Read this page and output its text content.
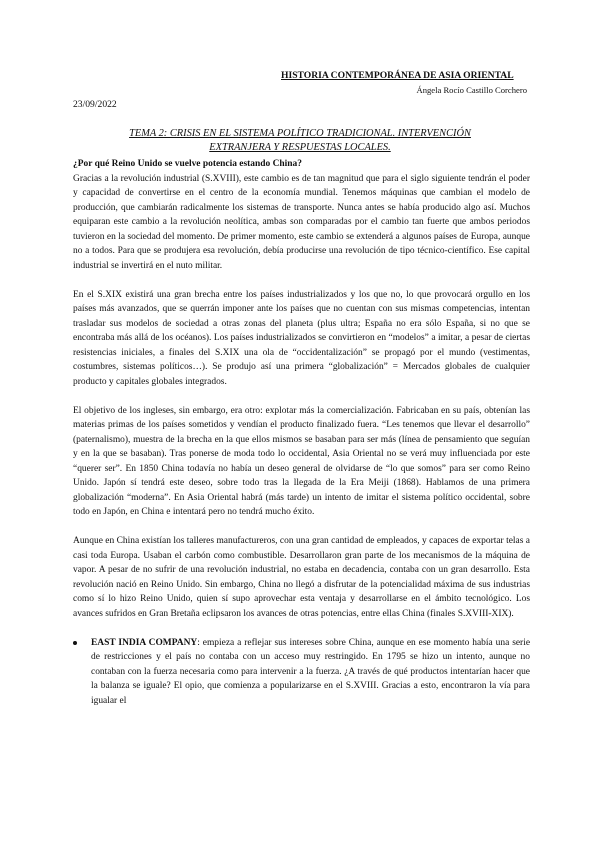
HISTORIA CONTEMPORÁNEA DE ASIA ORIENTAL
Ángela Rocío Castillo Corchero
23/09/2022
TEMA 2: CRISIS EN EL SISTEMA POLÍTICO TRADICIONAL. INTERVENCIÓN
EXTRANJERA Y RESPUESTAS LOCALES.
¿Por qué Reino Unido se vuelve potencia estando China?

Gracias a la revolución industrial (S.XVIII), este cambio es de tan magnitud que para el siglo siguiente tendrán el poder y capacidad de convertirse en el centro de la economía mundial. Tenemos máquinas que cambian el modelo de producción, que cambiarán radicalmente los sistemas de transporte. Nunca antes se había producido algo así. Muchos equiparan este cambio a la revolución neolítica, ambas son comparadas por el cambio tan fuerte que ambos periodos tuvieron en la sociedad del momento. De primer momento, este cambio se extenderá a algunos países de Europa, aunque no a todos. Para que se produjera esa revolución, debía producirse una revolución de tipo técnico-científico. Ese capital industrial se invertirá en el nuto militar.

En el S.XIX existirá una gran brecha entre los países industrializados y los que no, lo que provocará orgullo en los países más avanzados, que se querrán imponer ante los países que no cuentan con sus mismas competencias, intentan trasladar sus modelos de sociedad a otras zonas del planeta (plus ultra; España no era sólo España, si no que se encontraba más allá de los océanos). Los países industrializados se convirtieron en “modelos” a imitar, a pesar de ciertas resistencias iniciales, a finales del S.XIX una ola de “occidentalización” se propagó por el mundo (vestimentas, costumbres, sistemas políticos…). Se produjo así una primera “globalización” = Mercados globales de cualquier producto y capitales globales integrados.

El objetivo de los ingleses, sin embargo, era otro: explotar más la comercialización. Fabricaban en su país, obtenían las materias primas de los países sometidos y vendían el producto finalizado fuera. “Les tenemos que llevar el desarrollo” (paternalismo), muestra de la brecha en la que ellos mismos se basaban para ser más (línea de pensamiento que seguían y en la que se basaban). Tras ponerse de moda todo lo occidental, Asia Oriental no se verá muy influenciada por este “querer ser”. En 1850 China todavía no había un deseo general de olvidarse de “lo que somos” para ser como Reino Unido. Japón sí tendrá este deseo, sobre todo tras la llegada de la Era Meiji (1868). Hablamos de una primera globalización “moderna”. En Asia Oriental habrá (más tarde) un intento de imitar el sistema político occidental, sobre todo en Japón, en China e intentará pero no tendrá mucho éxito.

Aunque en China existían los talleres manufactureros, con una gran cantidad de empleados, y capaces de exportar telas a casi toda Europa. Usaban el carbón como combustible. Desarrollaron gran parte de los mecanismos de la máquina de vapor. A pesar de no sufrir de una revolución industrial, no estaba en decadencia, contaba con un gran desarrollo. Esta revolución nació en Reino Unido. Sin embargo, China no llegó a disfrutar de la potencialidad máxima de sus industrias como sí lo hizo Reino Unido, quien sí supo aprovechar esta ventaja y desarrollarse en el ámbito tecnológico. Los avances sufridos en Gran Bretaña eclipsaron los avances de otras potencias, entre ellas China (finales S.XVIII-XIX).

EAST INDIA COMPANY: empieza a reflejar sus intereses sobre China, aunque en ese momento había una serie de restricciones y el país no contaba con un acceso muy restringido. En 1795 se hizo un intento, aunque no contaban con la fuerza necesaria como para intervenir a la fuerza. ¿A través de qué productos intentarían hacer que la balanza se iguale? El opio, que comienza a popularizarse en el S.XVIII. Gracias a esto, encontraron la vía para igualar el
